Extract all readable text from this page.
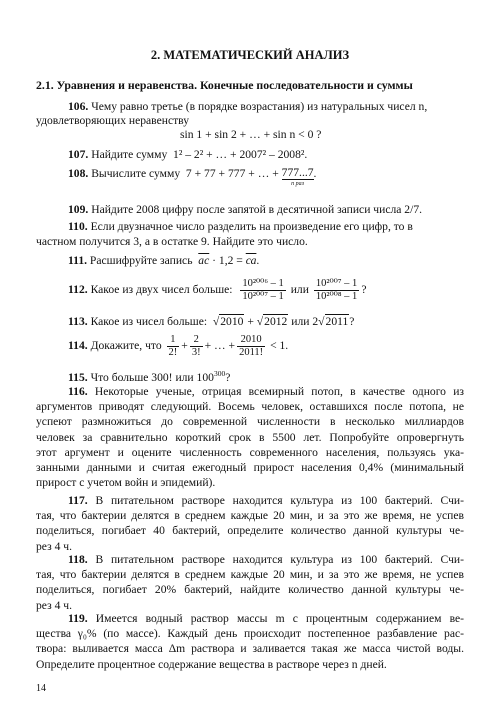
2. МАТЕМАТИЧЕСКИЙ АНАЛИЗ
2.1. Уравнения и неравенства. Конечные последовательности и суммы
106. Чему равно третье (в порядке возрастания) из натуральных чисел n,
удовлетворяющих неравенству
sin 1 + sin 2 + … + sin n < 0 ?
107. Найдите сумму 1² – 2² + … + 2007² – 2008².
108. Вычислите сумму 7 + 77 + 777 + … + 777...7
n раз
.
109. Найдите 2008 цифру после запятой в десятичной записи числа 2/7.
110. Если двузначное число разделить на произведение его цифр, то в
частном получится 3, а в остатке 9. Найдите это число.
111. Расшифруйте запись ас · 1,2 = са.
112. Какое из двух чисел больше: $\frac{\text{10²⁰⁰⁶ – 1}}{\text{10²⁰⁰⁷ – 1}}$ или $\frac{\text{10²⁰⁰⁷ – 1}}{\text{10²⁰⁰⁸ – 1}}$ ?
113. Какое из чисел больше:  √2010 + √2012 или 2√2011?
114. Докажите, что $\frac{1}{2!} + \frac{2}{3!}$ + … + $\frac{2010}{2011!} < 1$.
115. Что больше 300! или $100^{300}$?
116. Некоторые ученые, отрицая всемирный потоп, в качестве одного из
аргументов приводят следующий. Восемь человек, оставшихся после потопа, не
успеют размножиться до современной численности в несколько миллиардов
человек за сравнительно короткий срок в 5500 лет. Попробуйте опровергнуть
этот аргумент и оцените численность современного населения, пользуясь ука-
занными данными и считая ежегодный прирост населения 0,4% (минимальный
прирост с учетом войн и эпидемий).
117. В питательном растворе находится культура из 100 бактерий. Счи-
тая, что бактерии делятся в среднем каждые 20 мин, и за это же время, не успев
поделиться, погибает 40 бактерий, определите количество данной культуры че-
рез 4 ч.
118. В питательном растворе находится культура из 100 бактерий. Счи-
тая, что бактерии делятся в среднем каждые 20 мин, и за это же время, не успев
поделиться, погибает 20% бактерий, найдите количество данной культуры че-
рез 4 ч.
119. Имеется водный раствор массы m с процентным содержанием ве-
щества γ₀% (по массе). Каждый день происходит постепенное разбавление рас-
твора: выливается масса Δm раствора и заливается такая же масса чистой воды.
Определите процентное содержание вещества в растворе через n дней.
14
